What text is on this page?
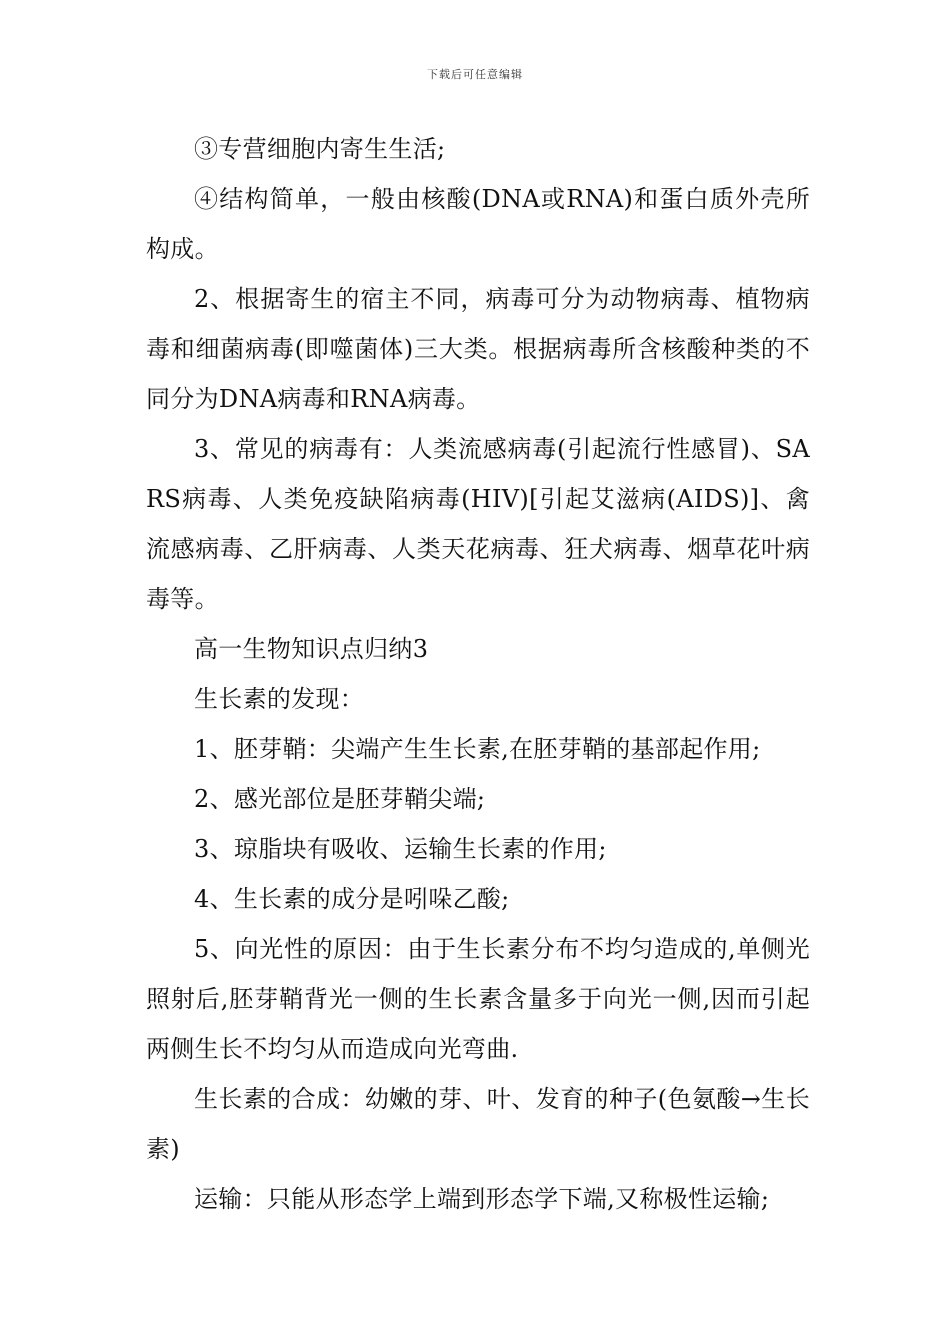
下载后可任意编辑

③专营细胞内寄生生活;

④结构简单，一般由核酸(DNA或RNA)和蛋白质外壳所构成。

2、根据寄生的宿主不同，病毒可分为动物病毒、植物病毒和细菌病毒(即噬菌体)三大类。根据病毒所含核酸种类的不同分为DNA病毒和RNA病毒。

3、常见的病毒有：人类流感病毒(引起流行性感冒)、SARS病毒、人类免疫缺陷病毒(HIV)[引起艾滋病(AIDS)]、禽流感病毒、乙肝病毒、人类天花病毒、狂犬病毒、烟草花叶病毒等。

高一生物知识点归纳3

生长素的发现：

1、胚芽鞘：尖端产生生长素,在胚芽鞘的基部起作用;

2、感光部位是胚芽鞘尖端;

3、琼脂块有吸收、运输生长素的作用;

4、生长素的成分是吲哚乙酸;

5、向光性的原因：由于生长素分布不均匀造成的,单侧光照射后,胚芽鞘背光一侧的生长素含量多于向光一侧,因而引起两侧生长不均匀从而造成向光弯曲.

生长素的合成：幼嫩的芽、叶、发育的种子(色氨酸→生长素)

运输：只能从形态学上端到形态学下端,又称极性运输;
